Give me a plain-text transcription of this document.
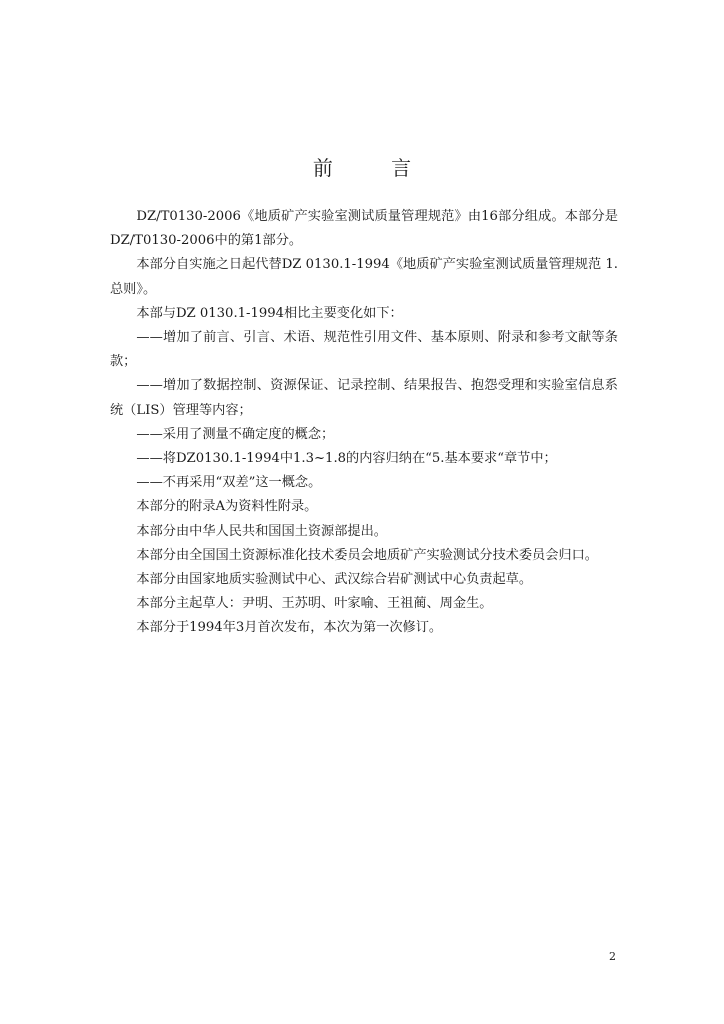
前 言

DZ/T0130-2006《地质矿产实验室测试质量管理规范》由16部分组成。本部分是DZ/T0130-2006中的第1部分。

本部分自实施之日起代替DZ 0130.1-1994《地质矿产实验室测试质量管理规范 1.总则》。

本部与DZ 0130.1-1994相比主要变化如下：

——增加了前言、引言、术语、规范性引用文件、基本原则、附录和参考文献等条款；

——增加了数据控制、资源保证、记录控制、结果报告、抱怨受理和实验室信息系统（LIS）管理等内容；

——采用了测量不确定度的概念；

——将DZ0130.1-1994中1.3~1.8的内容归纳在“5.基本要求“章节中；

——不再采用“双差”这一概念。

本部分的附录A为资料性附录。

本部分由中华人民共和国国土资源部提出。

本部分由全国国土资源标准化技术委员会地质矿产实验测试分技术委员会归口。

本部分由国家地质实验测试中心、武汉综合岩矿测试中心负责起草。

本部分主起草人：尹明、王苏明、叶家喻、王祖蔺、周金生。

本部分于1994年3月首次发布，本次为第一次修订。

2
